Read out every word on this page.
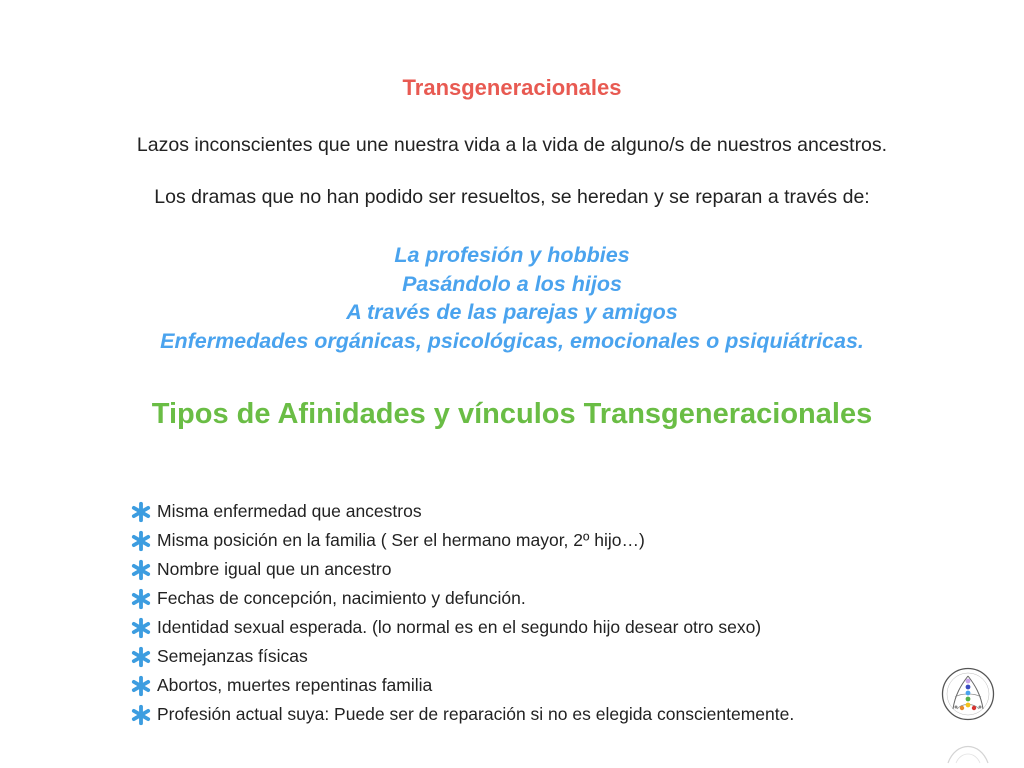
Transgeneracionales
Lazos inconscientes que une nuestra vida a la vida de alguno/s de nuestros ancestros.
Los dramas que no han podido ser resueltos, se heredan y se reparan a través de:
La profesión y hobbies
Pasándolo a los hijos
A través de las parejas y amigos
Enfermedades orgánicas, psicológicas, emocionales o psiquiátricas.
Tipos de Afinidades y vínculos Transgeneracionales
Misma enfermedad que ancestros
Misma posición en la familia ( Ser el hermano mayor, 2º hijo…)
Nombre igual que un ancestro
Fechas de concepción, nacimiento y defunción.
Identidad sexual esperada. (lo normal es en el segundo hijo desear otro sexo)
Semejanzas físicas
Abortos, muertes repentinas familia
Profesión actual suya: Puede ser de reparación si no es elegida conscientemente.
